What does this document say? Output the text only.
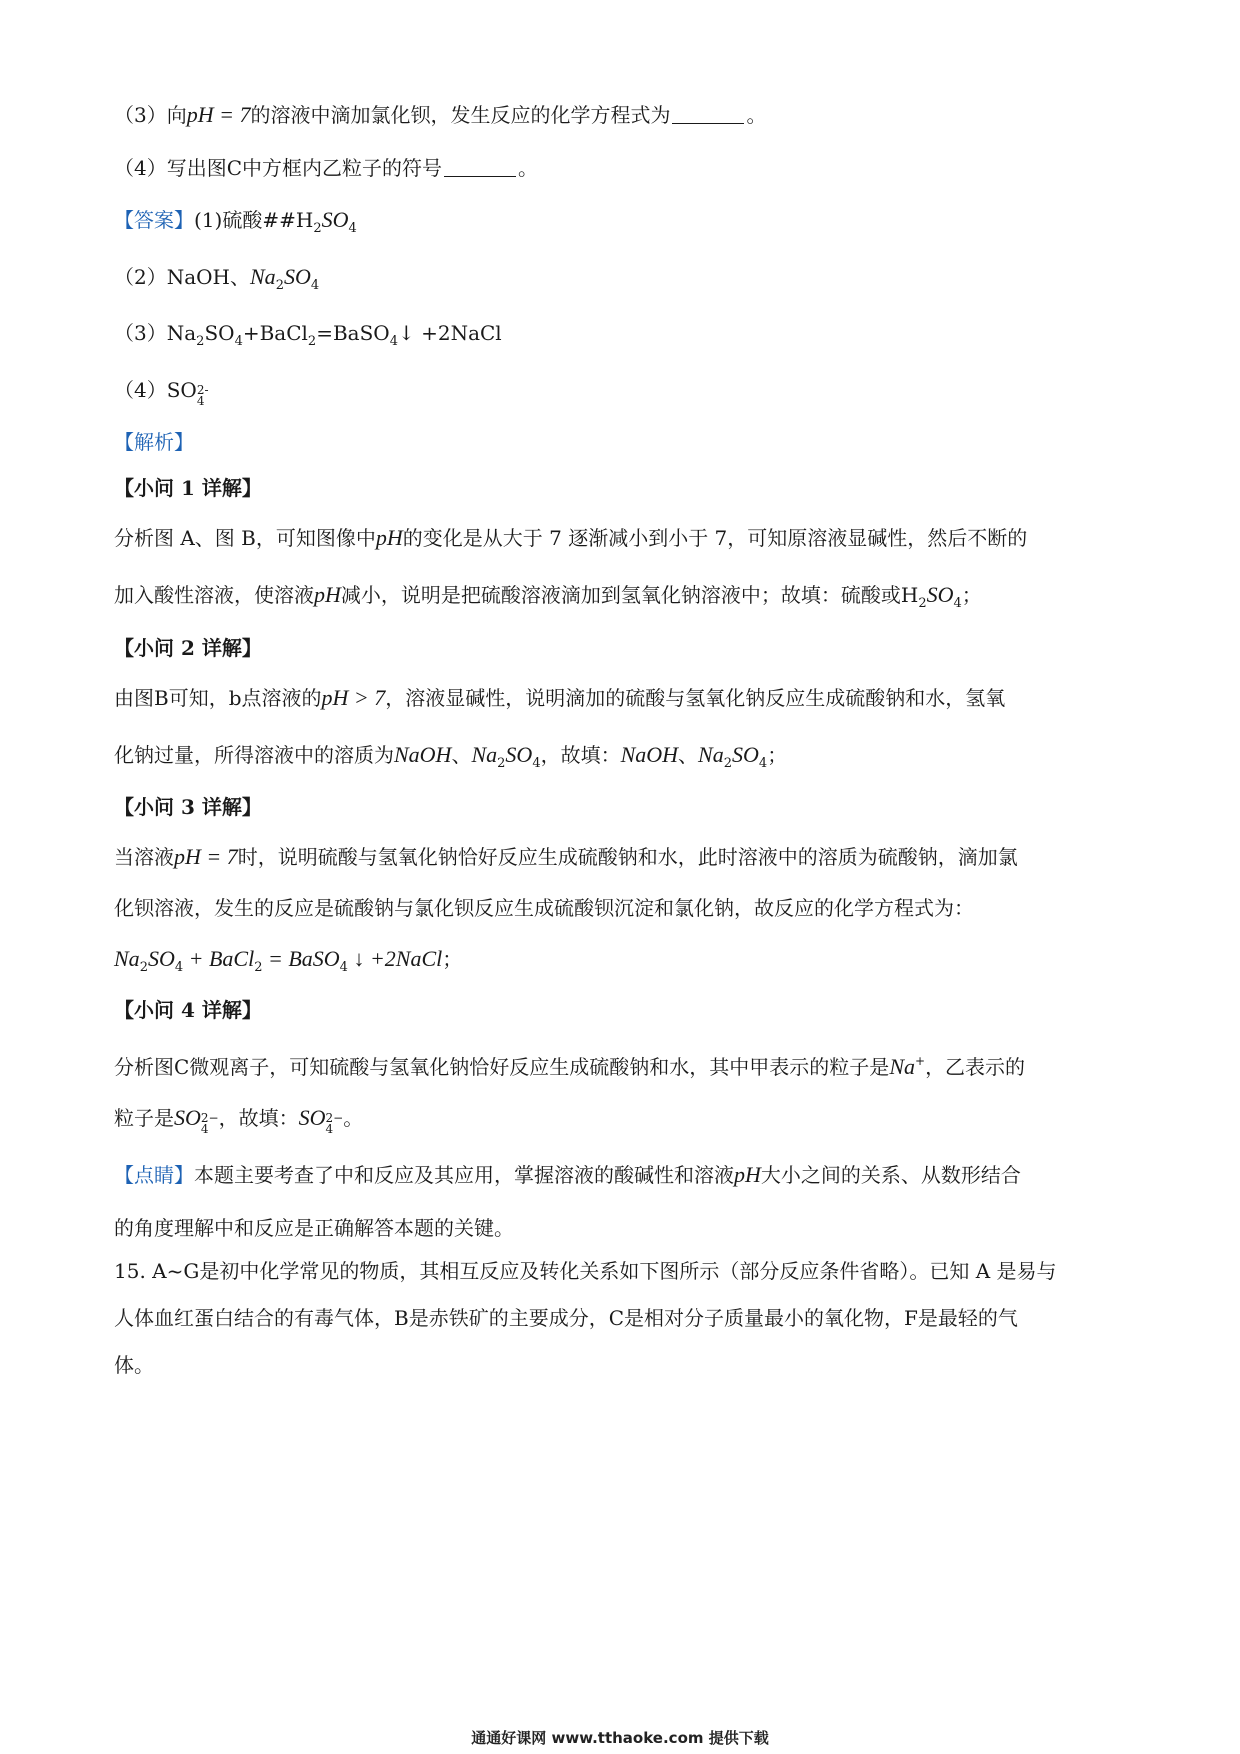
（3）向pH = 7的溶液中滴加氯化钡，发生反应的化学方程式为	。
（4）写出图C中方框内乙粒子的符号	。
【答案】(1)硫酸$\#\#H_2SO_4$
（2）NaOH、$Na_2SO_4$
$(3)Na_2SO_4+BaCl_2=BaSO_4↓$ +2NaCl
（4）SO 2-
4
【解析】
【小问 1 详解】
分析图 A、图 B，可知图像中pH的变化是从大于 7 逐渐减小到小于 7，可知原溶液显碱性，然后不断的
加入酸性溶液，使溶液pH减小，说明是把硫酸溶液滴加到氢氧化钠溶液中；故填：硫酸或$H_2SO_4$；
【小问 2 详解】
由图B可知，b点溶液的pH > 7，溶液显碱性，说明滴加的硫酸与氢氧化钠反应生成硫酸钠和水，氢氧
化钠过量，所得溶液中的溶质为NaOH、$Na_2SO_4$，故填：NaOH、$Na_2SO_4$；
【小问 3 详解】
当溶液pH = 7时，说明硫酸与氢氧化钠恰好反应生成硫酸钠和水，此时溶液中的溶质为硫酸钠，滴加氯
化钡溶液，发生的反应是硫酸钠与氯化钡反应生成硫酸钡沉淀和氯化钠，故反应的化学方程式为：
$Na_2SO_4$ + BaCl$_2$ = BaSO$_4$ ↓ +2NaCl；
【小问 4 详解】
分析图C微观离子，可知硫酸与氢氧化钠恰好反应生成硫酸钠和水，其中甲表示的粒子是Na+，乙表示的
粒子是SO 2−
4 ，故填：SO 2−
4 。
【点睛】本题主要考查了中和反应及其应用，掌握溶液的酸碱性和溶液pH大小之间的关系、从数形结合
的角度理解中和反应是正确解答本题的关键。
15. A~G是初中化学常见的物质，其相互反应及转化关系如下图所示（部分反应条件省略）。已知 A 是易与
人体血红蛋白结合的有毒气体，B是赤铁矿的主要成分，C是相对分子质量最小的氧化物，F是最轻的气
体。
通通好课网 www.tthaoke.com 提供下载
